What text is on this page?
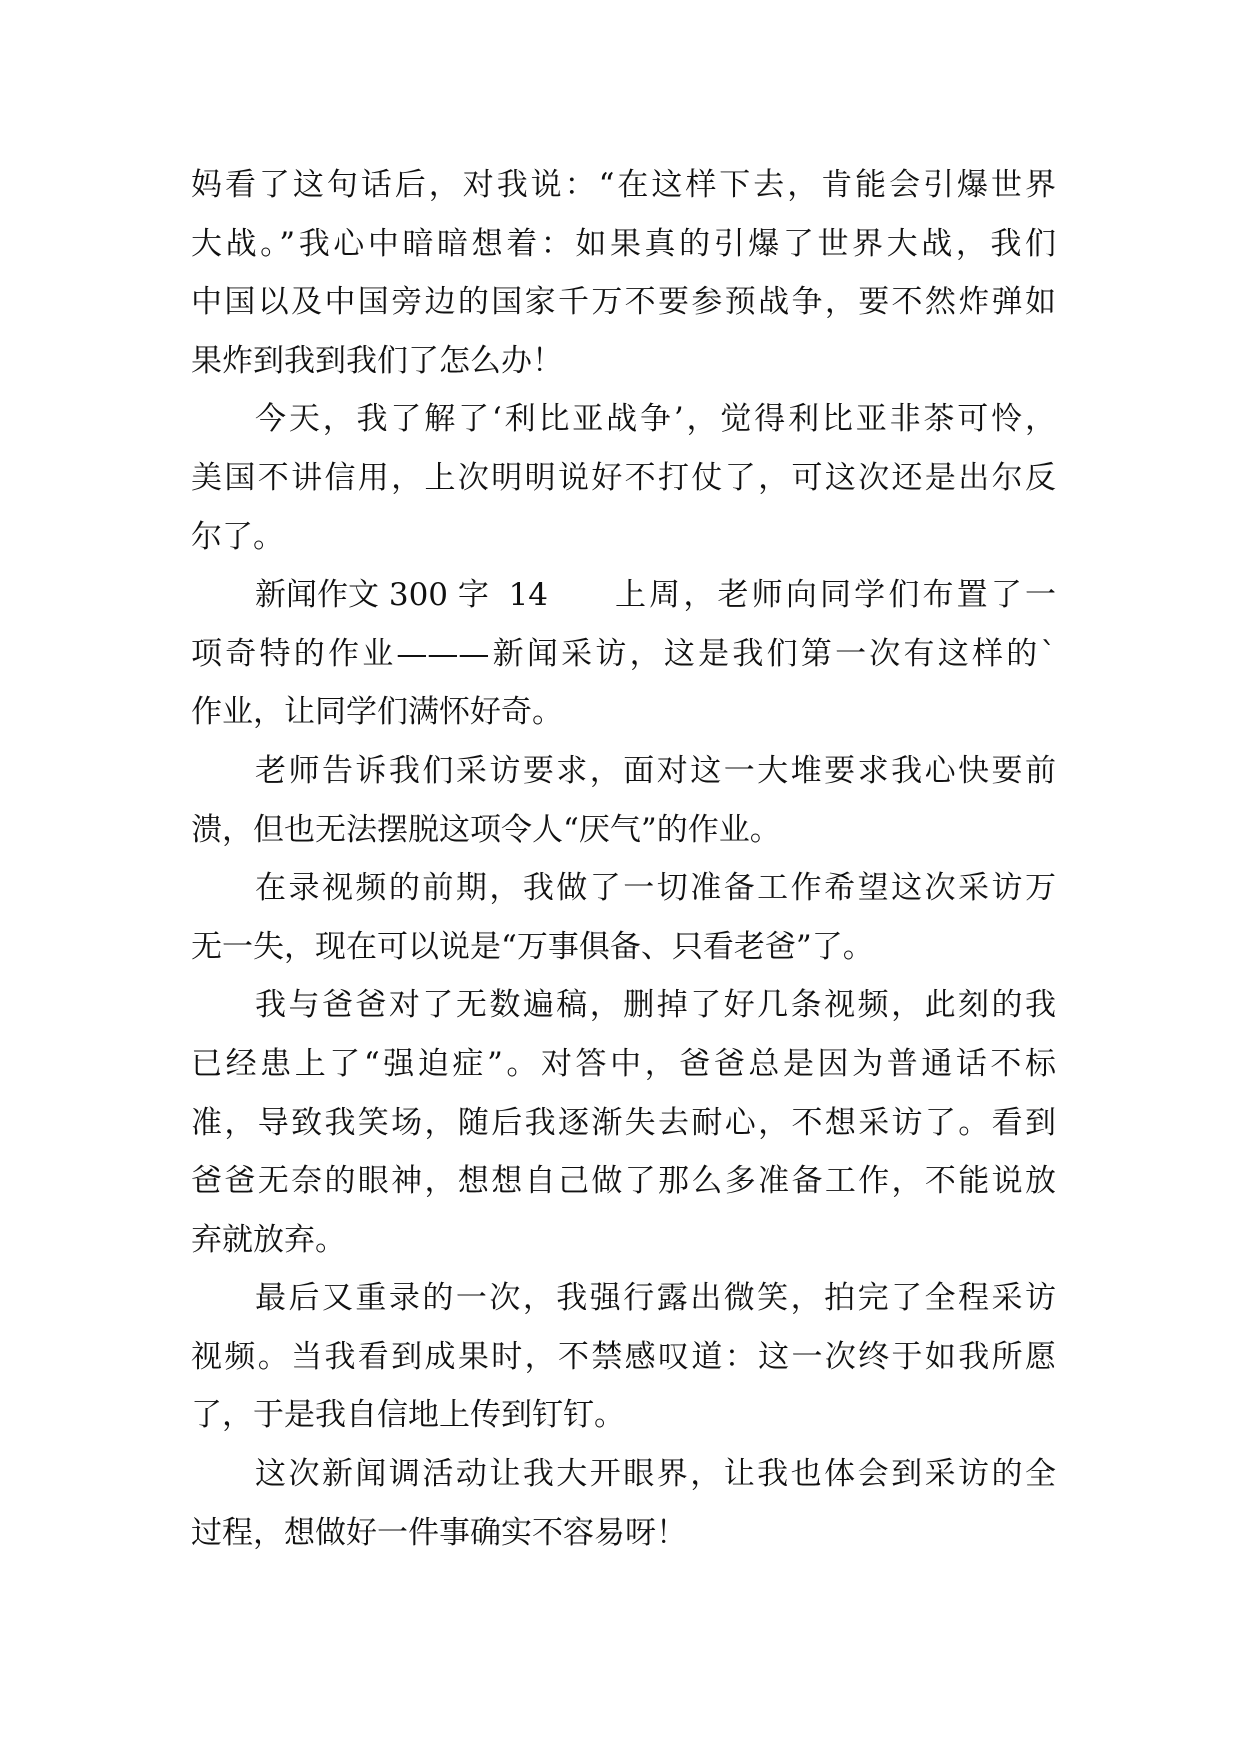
妈看了这句话后，对我说：“在这样下去，肯能会引爆世界
大战。”我心中暗暗想着：如果真的引爆了世界大战，我们
中国以及中国旁边的国家千万不要参预战争，要不然炸弹如
果炸到我到我们了怎么办！
今天，我了解了‘利比亚战争’，觉得利比亚非茶可怜，
美国不讲信用，上次明明说好不打仗了，可这次还是出尔反
尔了。
新闻作文 300 字  14 上周，老师向同学们布置了一
项奇特的作业———新闻采访，这是我们第一次有这样的`
作业，让同学们满怀好奇。
老师告诉我们采访要求，面对这一大堆要求我心快要前
溃，但也无法摆脱这项令人“厌气”的作业。
在录视频的前期，我做了一切准备工作希望这次采访万
无一失，现在可以说是“万事俱备、只看老爸”了。
我与爸爸对了无数遍稿，删掉了好几条视频，此刻的我
已经患上了“强迫症”。对答中，爸爸总是因为普通话不标
准，导致我笑场，随后我逐渐失去耐心，不想采访了。看到
爸爸无奈的眼神，想想自己做了那么多准备工作，不能说放
弃就放弃。
最后又重录的一次，我强行露出微笑，拍完了全程采访
视频。当我看到成果时，不禁感叹道：这一次终于如我所愿
了，于是我自信地上传到钉钉。
这次新闻调活动让我大开眼界，让我也体会到采访的全
过程，想做好一件事确实不容易呀！
